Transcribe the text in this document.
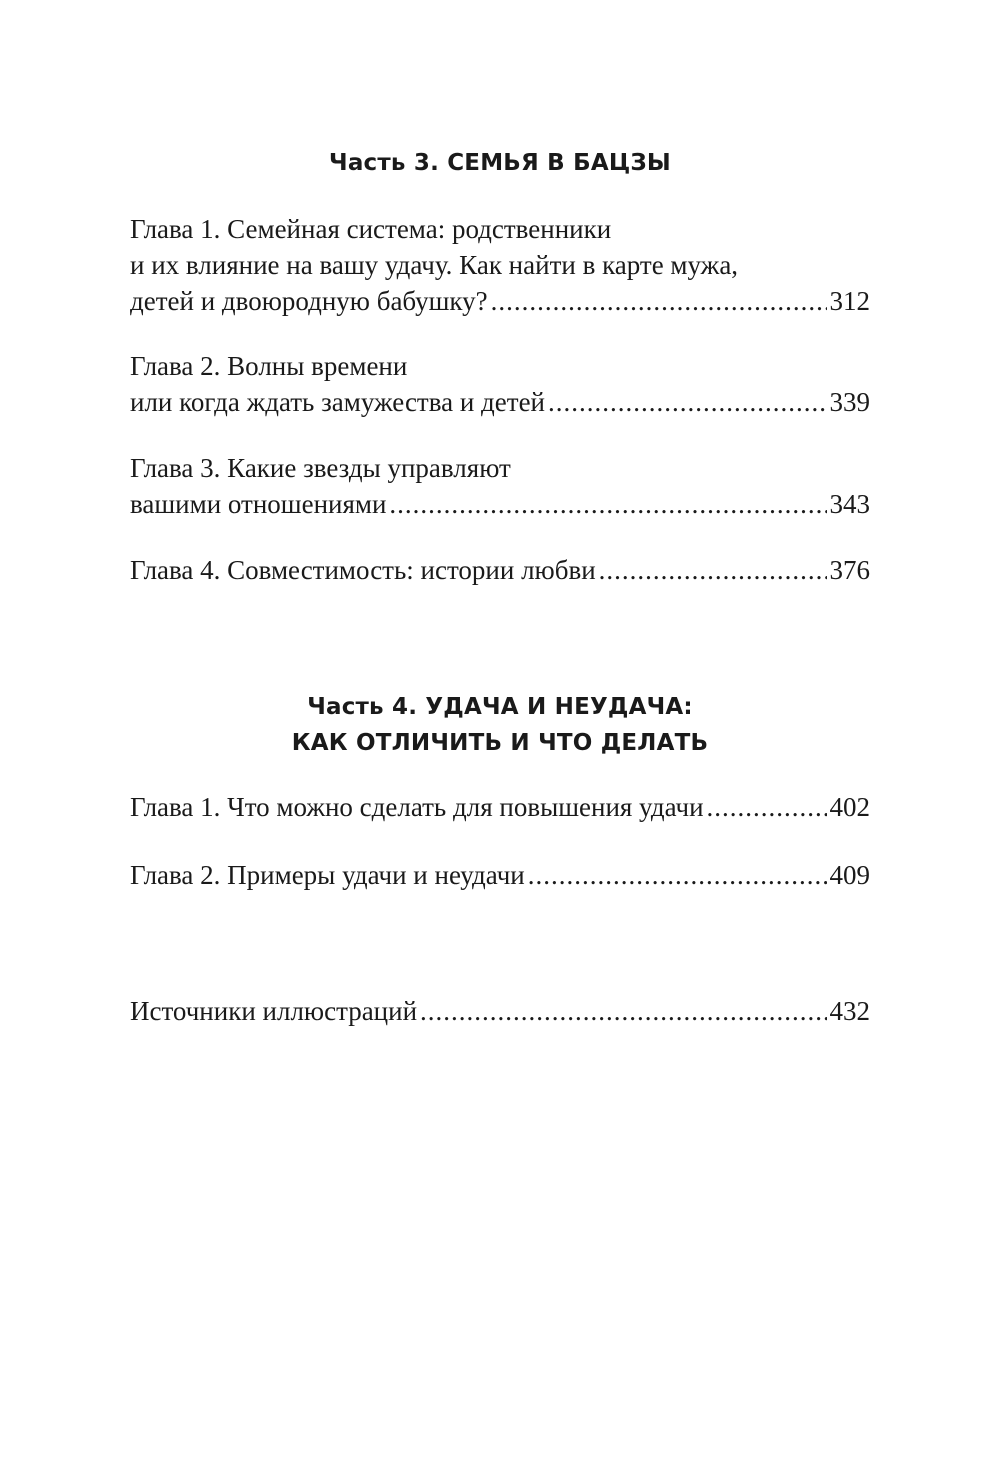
Часть 3. СЕМЬЯ В БАЦЗЫ
Глава 1. Семейная система: родственники
и их влияние на вашу удачу. Как найти в карте мужа,
детей и двоюродную бабушку? .....	312
Глава 2. Волны времени
или когда ждать замужества и детей .....	339
Глава 3. Какие звезды управляют
вашими отношениями .....	343
Глава 4. Совместимость: истории любви .....	376
Часть 4. УДАЧА И НЕУДАЧА:
КАК ОТЛИЧИТЬ И ЧТО ДЕЛАТЬ
Глава 1. Что можно сделать для повышения удачи .....	402
Глава 2. Примеры удачи и неудачи .....	409
Источники иллюстраций .....	432
